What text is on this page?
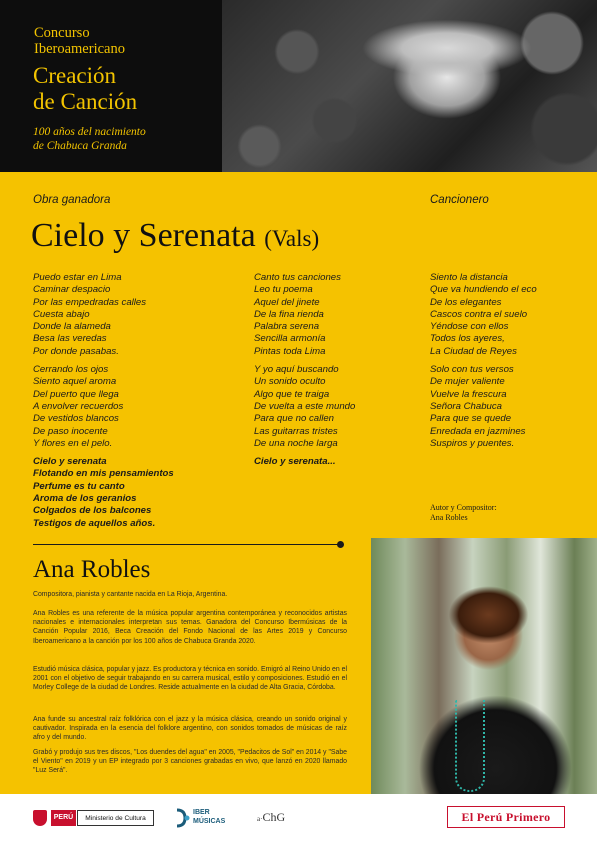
Concurso
Iberoamericano
Creación
de Canción
100 años del nacimiento
de Chabuca Granda
Obra ganadora	Cancionero
Cielo y Serenata (Vals)
Puedo estar en Lima
Caminar despacio
Por las empedradas calles
Cuesta abajo
Donde la alameda
Besa las veredas
Por donde pasabas.
Cerrando los ojos
Siento aquel aroma
Del puerto que llega
A envolver recuerdos
De vestidos blancos
De paso inocente
Y flores en el pelo.
Cielo y serenata
Flotando en mis pensamientos
Perfume es tu canto
Aroma de los geranios
Colgados de los balcones
Testigos de aquellos años.
Canto tus canciones
Leo tu poema
Aquel del jinete
De la fina rienda
Palabra serena
Sencilla armonía
Pintas toda Lima
Y yo aquí buscando
Un sonido oculto
Algo que te traiga
De vuelta a este mundo
Para que no callen
Las guitarras tristes
De una noche larga
Cielo y serenata...
Siento la distancia
Que va hundiendo el eco
De los elegantes
Cascos contra el suelo
Yéndose con ellos
Todos los ayeres,
La Ciudad de Reyes
Solo con tus versos
De mujer valiente
Vuelve la frescura
Señora Chabuca
Para que se quede
Enredada en jazmines
Suspiros y puentes.
Autor y Compositor:
Ana Robles
Ana Robles
Compositora, pianista y cantante nacida en La Rioja, Argentina.
Ana Robles es una referente de la música popular argentina contemporánea y reconocidos artistas nacionales e internacionales interpretan sus temas. Ganadora del Concurso Ibermúsicas de la Canción Popular 2016, Beca Creación del Fondo Nacional de las Artes 2019 y Concurso Iberoamericano a la canción por los 100 años de Chabuca Granda 2020.
Estudió música clásica, popular y jazz. Es productora y técnica en sonido. Emigró al Reino Unido en el 2001 con el objetivo de seguir trabajando en su carrera musical, estilo y composiciones. Estudió en el Morley College de la ciudad de Londres. Reside actualmente en la ciudad de Alta Gracia, Córdoba.
Ana funde su ancestral raíz folklórica con el jazz y la música clásica, creando un sonido original y cautivador. Inspirada en la esencia del folklore argentino, con sonidos tomados de músicas de raíz afro y del mundo.
Grabó y produjo sus tres discos, "Los duendes del agua" en 2005, "Pedacitos de Sol" en 2014 y "Sabe el Viento" en 2019 y un EP integrado por 3 canciones grabadas en vivo, que lanzó en 2020 llamado "Luz Será".
PERÚ	Ministerio de Cultura
IBER
MÚSICAS	a·ChG	El Perú Primero
